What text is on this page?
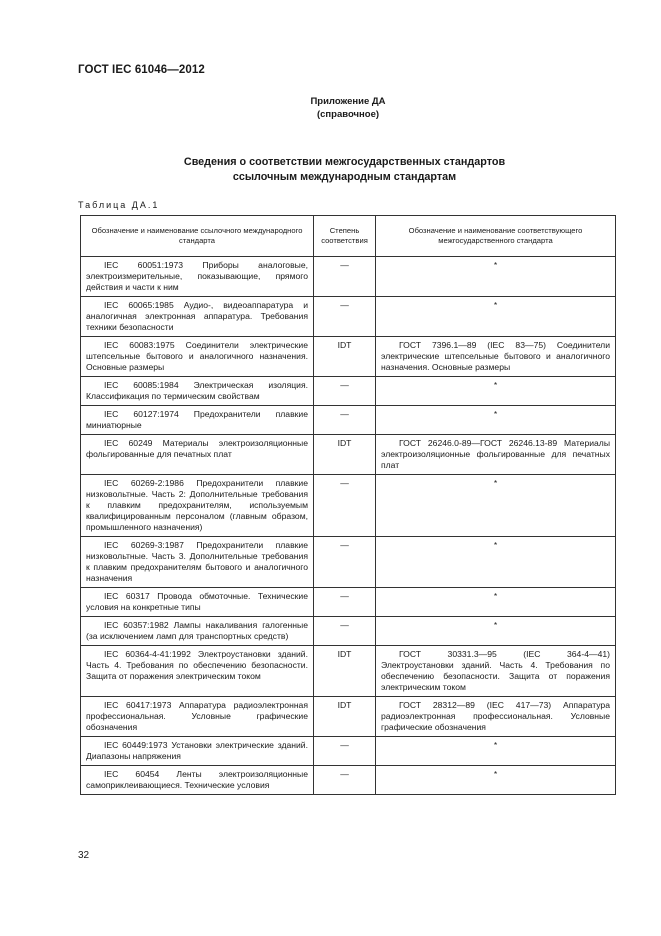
ГОСТ IEC 61046—2012
Приложение ДА
(справочное)
Сведения о соответствии межгосударственных стандартов
ссылочным международным стандартам
Таблица ДА.1
Обозначение и наименование ссылочного международного стандарта	Степень соответствия	Обозначение и наименование соответствующего межгосударственного стандарта
IEC 60051:1973 Приборы аналоговые, электроизмерительные, показывающие, прямого действия и части к ним	—	*
IEC 60065:1985 Аудио-, видеоаппаратура и аналогичная электронная аппаратура. Требования техники безопасности	—	*
IEC 60083:1975 Соединители электрические штепсельные бытового и аналогичного назначения. Основные размеры	IDT	ГОСТ 7396.1—89 (IEC 83—75) Соединители электрические штепсельные бытового и аналогичного назначения. Основные размеры
IEC 60085:1984 Электрическая изоляция. Классификация по термическим свойствам	—	*
IEC 60127:1974 Предохранители плавкие миниатюрные	—	*
IEC 60249 Материалы электроизоляционные фольгированные для печатных плат	IDT	ГОСТ 26246.0-89—ГОСТ 26246.13-89 Материалы электроизоляционные фольгированные для печатных плат
IEC 60269-2:1986 Предохранители плавкие низковольтные. Часть 2: Дополнительные требования к плавким предохранителям, используемым квалифицированным персоналом (главным образом, промышленного назначения)	—	*
IEC 60269-3:1987 Предохранители плавкие низковольтные. Часть 3. Дополнительные требования к плавким предохранителям бытового и аналогичного назначения	—	*
IEC 60317 Провода обмоточные. Технические условия на конкретные типы	—	*
IEC 60357:1982 Лампы накаливания галогенные (за исключением ламп для транспортных средств)	—	*
IEC 60364-4-41:1992 Электроустановки зданий. Часть 4. Требования по обеспечению безопасности. Защита от поражения электрическим током	IDT	ГОСТ 30331.3—95 (IEC 364-4—41) Электроустановки зданий. Часть 4. Требования по обеспечению безопасности. Защита от поражения электрическим током
IEC 60417:1973 Аппаратура радиоэлектронная профессиональная. Условные графические обозначения	IDT	ГОСТ 28312—89 (IEC 417—73) Аппаратура радиоэлектронная профессиональная. Условные графические обозначения
IEC 60449:1973 Установки электрические зданий. Диапазоны напряжения	—	*
IEC 60454 Ленты электроизоляционные самоприклеивающиеся. Технические условия	—	*
32
